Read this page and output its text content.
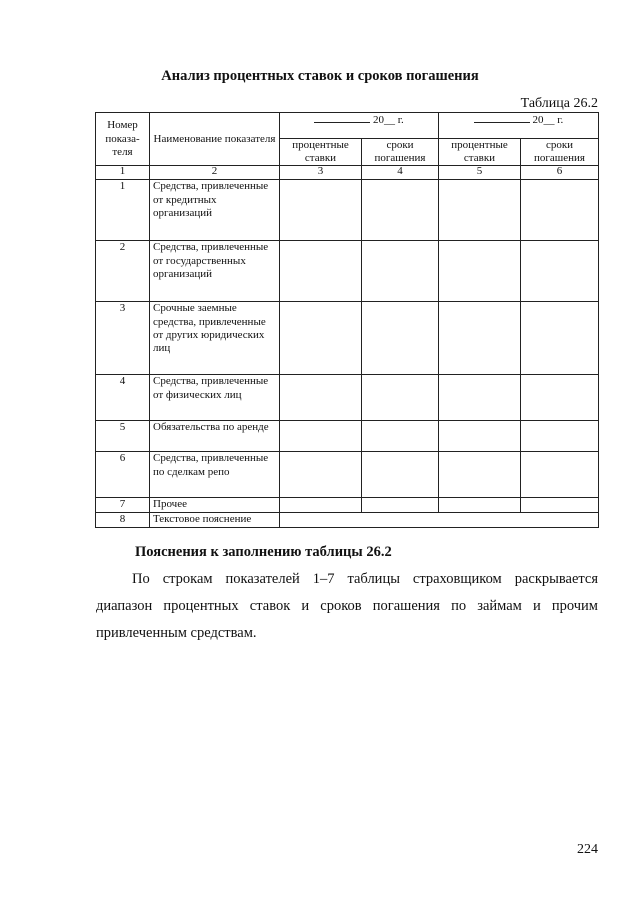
Анализ процентных ставок и сроков погашения
Таблица 26.2
Номер показа-теля	Наименование показателя	20__ г.		20__ г.	
		процентные ставки	сроки погашения	процентные ставки	сроки погашения
1	2	3	4	5	6
1	Средства, привлеченные от кредитных организаций				
2	Средства, привлеченные от государственных организаций				
3	Срочные заемные средства, привлеченные от других юридических лиц				
4	Средства, привлеченные от физических лиц				
5	Обязательства по аренде				
6	Средства, привлеченные по сделкам репо				
7	Прочее				
8	Текстовое пояснение				
Пояснения к заполнению таблицы 26.2
По строкам показателей 1–7 таблицы страховщиком раскрывается диапазон процентных ставок и сроков погашения по займам и прочим привлеченным средствам.
224
